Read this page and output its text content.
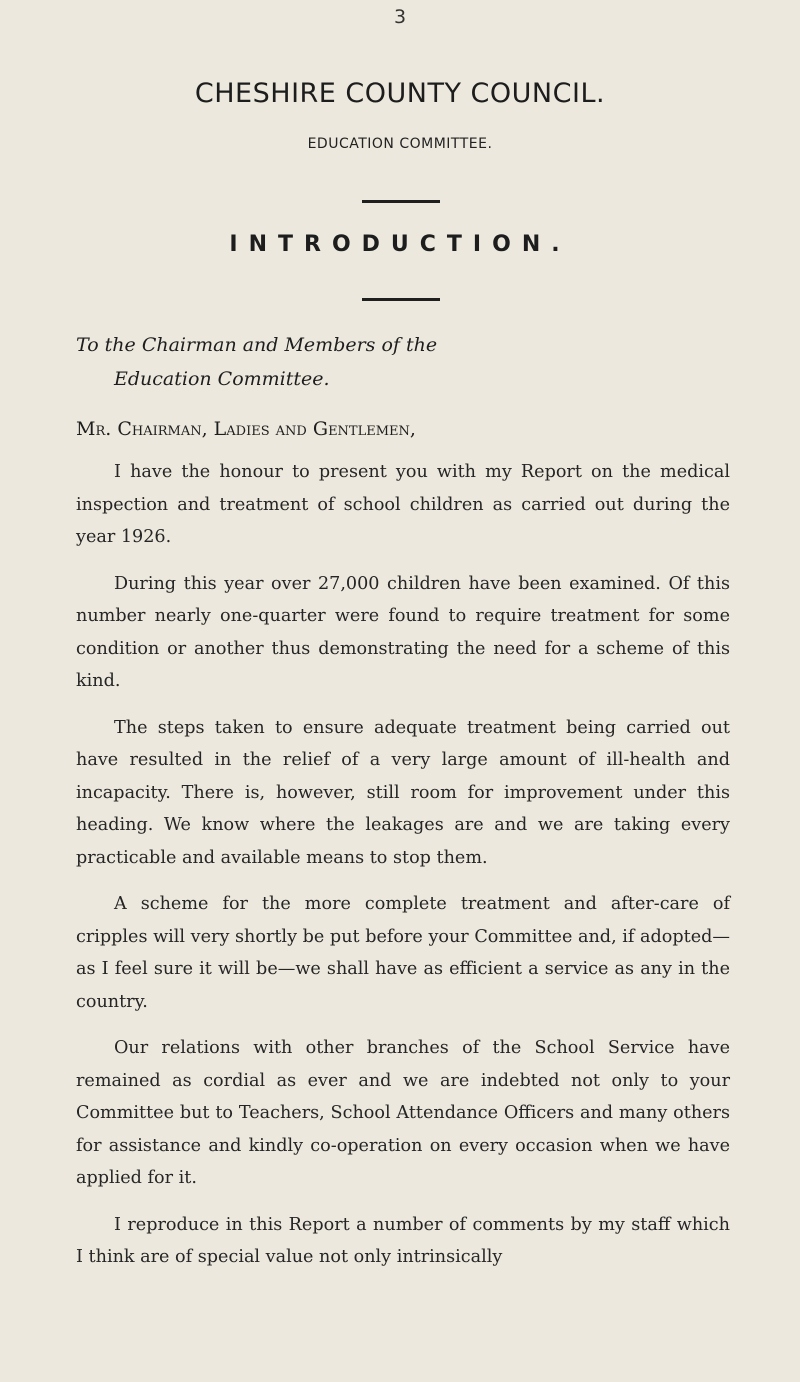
3
CHESHIRE COUNTY COUNCIL.
EDUCATION COMMITTEE.
INTRODUCTION.
To the Chairman and Members of the
Education Committee.
Mr. Chairman, Ladies and Gentlemen,

I have the honour to present you with my Report on the medical inspection and treatment of school children as carried out during the year 1926.

During this year over 27,000 children have been examined. Of this number nearly one-quarter were found to require treatment for some condition or another thus demonstrating the need for a scheme of this kind.

The steps taken to ensure adequate treatment being carried out have resulted in the relief of a very large amount of ill-health and incapacity. There is, however, still room for improvement under this heading. We know where the leakages are and we are taking every practicable and available means to stop them.

A scheme for the more complete treatment and after-care of cripples will very shortly be put before your Committee and, if adopted—as I feel sure it will be—we shall have as efficient a service as any in the country.

Our relations with other branches of the School Service have remained as cordial as ever and we are indebted not only to your Committee but to Teachers, School Attendance Officers and many others for assistance and kindly co-operation on every occasion when we have applied for it.

I reproduce in this Report a number of comments by my staff which I think are of special value not only intrinsically
